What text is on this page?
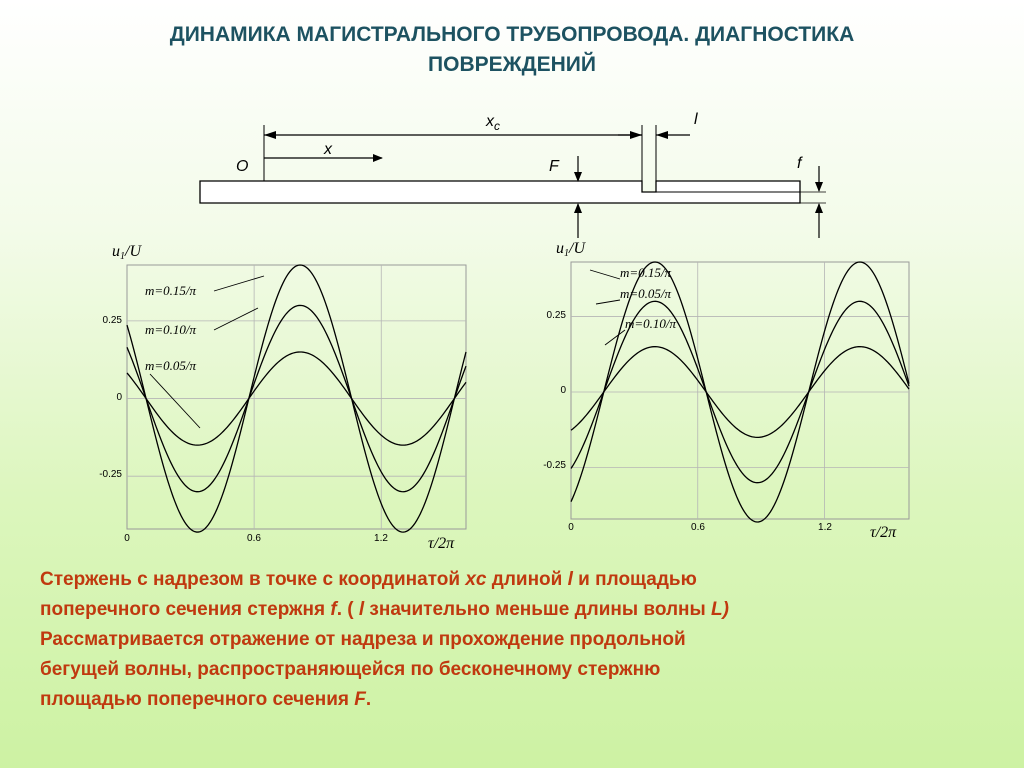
ДИНАМИКА МАГИСТРАЛЬНОГО ТРУБОПРОВОДА. ДИАГНОСТИКА
ПОВРЕЖДЕНИЙ
$x_c$	l
x
O	F	f
0.25
0
-0.25
0	0.6	1.2	τ/2π
u1/U
m=0.15/π
m=0.10/π
m=0.05/π
0.25
0
-0.25
0	0.6	1.2 τ/2π
u1/U
m=0.15/π
m=0.05/π
m=0.10/π

Стержень с надрезом в точке с координатой xc длиной l и площадью

поперечного сечения стержня f. ( l значительно меньше длины волны L)

Рассматривается отражение от надреза и прохождение продольной

бегущей волны, распространяющейся по бесконечному стержню

площадью поперечного сечения F.
